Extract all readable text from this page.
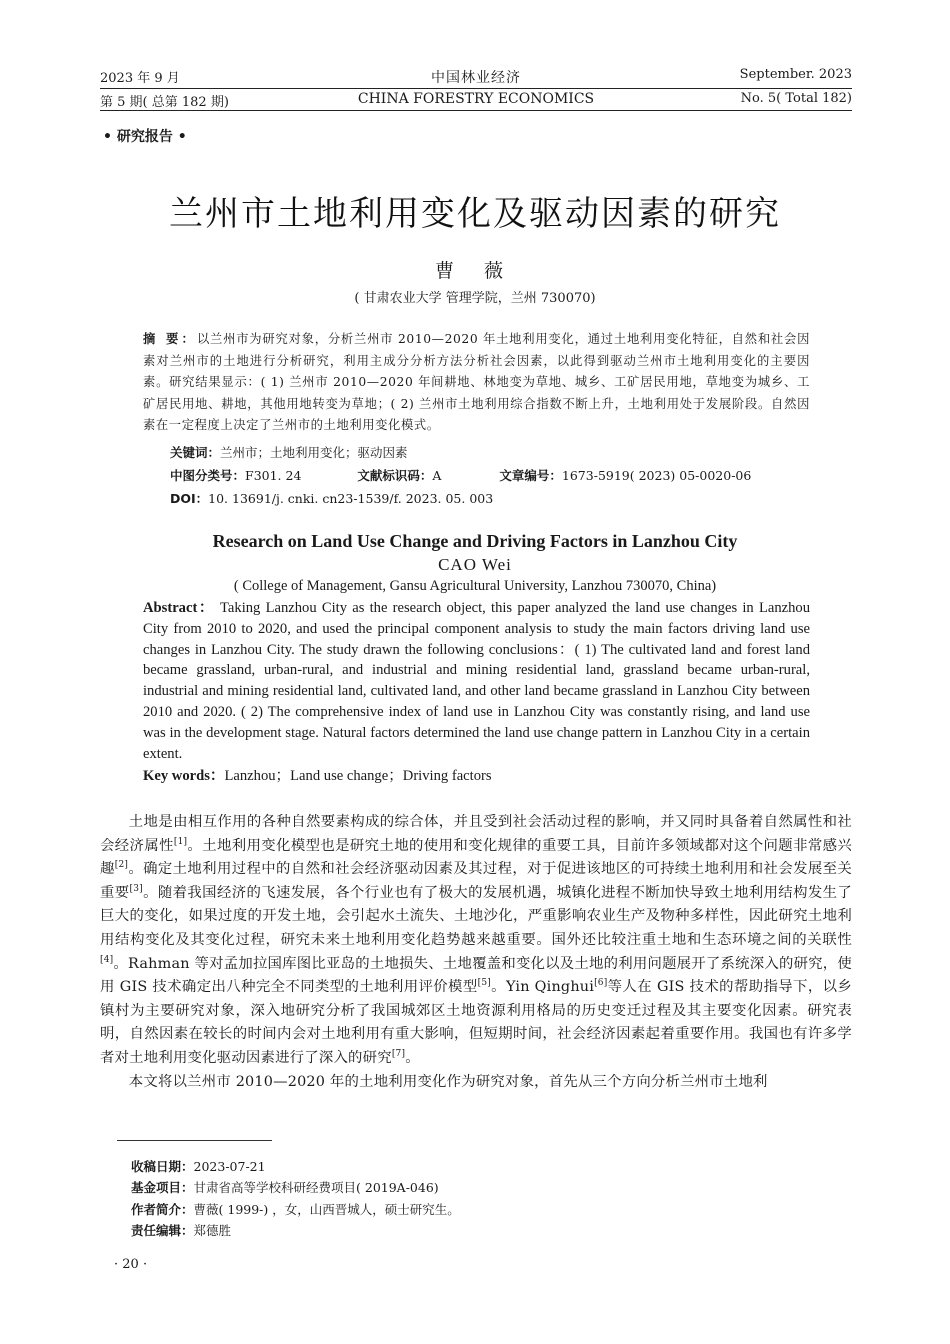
2023 年 9 月	中国林业经济	September. 2023
第 5 期( 总第 182 期)	CHINA FORESTRY ECONOMICS	No. 5( Total 182)
• 研究报告 •
兰州市土地利用变化及驱动因素的研究
曹 薇
( 甘肃农业大学 管理学院，兰州 730070)
摘 要：以兰州市为研究对象，分析兰州市 2010—2020 年土地利用变化，通过土地利用变化特征，自然和社会因素对兰州市的土地进行分析研究，利用主成分分析方法分析社会因素，以此得到驱动兰州市土地利用变化的主要因素。研究结果显示：( 1) 兰州市 2010—2020 年间耕地、林地变为草地、城乡、工矿居民用地，草地变为城乡、工矿居民用地、耕地，其他用地转变为草地；( 2) 兰州市土地利用综合指数不断上升，土地利用处于发展阶段。自然因素在一定程度上决定了兰州市的土地利用变化模式。
关键词：兰州市；土地利用变化；驱动因素
中图分类号：F301. 24	文献标识码：A	文章编号：1673-5919( 2023) 05-0020-06
DOI：10. 13691/j. cnki. cn23-1539/f. 2023. 05. 003
Research on Land Use Change and Driving Factors in Lanzhou City
CAO Wei
( College of Management, Gansu Agricultural University, Lanzhou 730070, China)
Abstract： Taking Lanzhou City as the research object, this paper analyzed the land use changes in Lanzhou City from 2010 to 2020, and used the principal component analysis to study the main factors driving land use changes in Lanzhou City. The study drawn the following conclusions：( 1) The cultivated land and forest land became grassland, urban-rural, and industrial and mining residential land, grassland became urban-rural, industrial and mining residential land, cultivated land, and other land became grassland in Lanzhou City between 2010 and 2020. ( 2) The comprehensive index of land use in Lanzhou City was constantly rising, and land use was in the development stage. Natural factors determined the land use change pattern in Lanzhou City in a certain extent.
Key words：Lanzhou；Land use change；Driving factors

土地是由相互作用的各种自然要素构成的综合体，并且受到社会活动过程的影响，并又同时具备着自然属性和社会经济属性[1]。土地利用变化模型也是研究土地的使用和变化规律的重要工具，目前许多领域都对这个问题非常感兴趣[2]。确定土地利用过程中的自然和社会经济驱动因素及其过程，对于促进该地区的可持续土地利用和社会发展至关重要[3]。随着我国经济的飞速发展，各个行业也有了极大的发展机遇，城镇化进程不断加快导致土地利用结构发生了巨大的变化，如果过度的开发土地，会引起水土流失、土地沙化，严重影响农业生产及物种多样性，因此研究土地利用结构变化及其变化过程，研究未来土地利用变化趋势越来越重要。国外还比较注重土地和生态环境之间的关联性[4]。Rahman 等对孟加拉国库图比亚岛的土地损失、土地覆盖和变化以及土地的利用问题展开了系统深入的研究，使用 GIS 技术确定出八种完全不同类型的土地利用评价模型[5]。Yin Qinghui[6]等人在 GIS 技术的帮助指导下，以乡镇村为主要研究对象，深入地研究分析了我国城郊区土地资源利用格局的历史变迁过程及其主要变化因素。研究表明，自然因素在较长的时间内会对土地利用有重大影响，但短期时间，社会经济因素起着重要作用。我国也有许多学者对土地利用变化驱动因素进行了深入的研究[7]。

本文将以兰州市 2010—2020 年的土地利用变化作为研究对象，首先从三个方向分析兰州市土地利

收稿日期：2023-07-21
基金项目：甘肃省高等学校科研经费项目( 2019A-046)
作者简介：曹薇( 1999-) ，女，山西晋城人，硕士研究生。
责任编辑：郑德胜
· 20 ·
